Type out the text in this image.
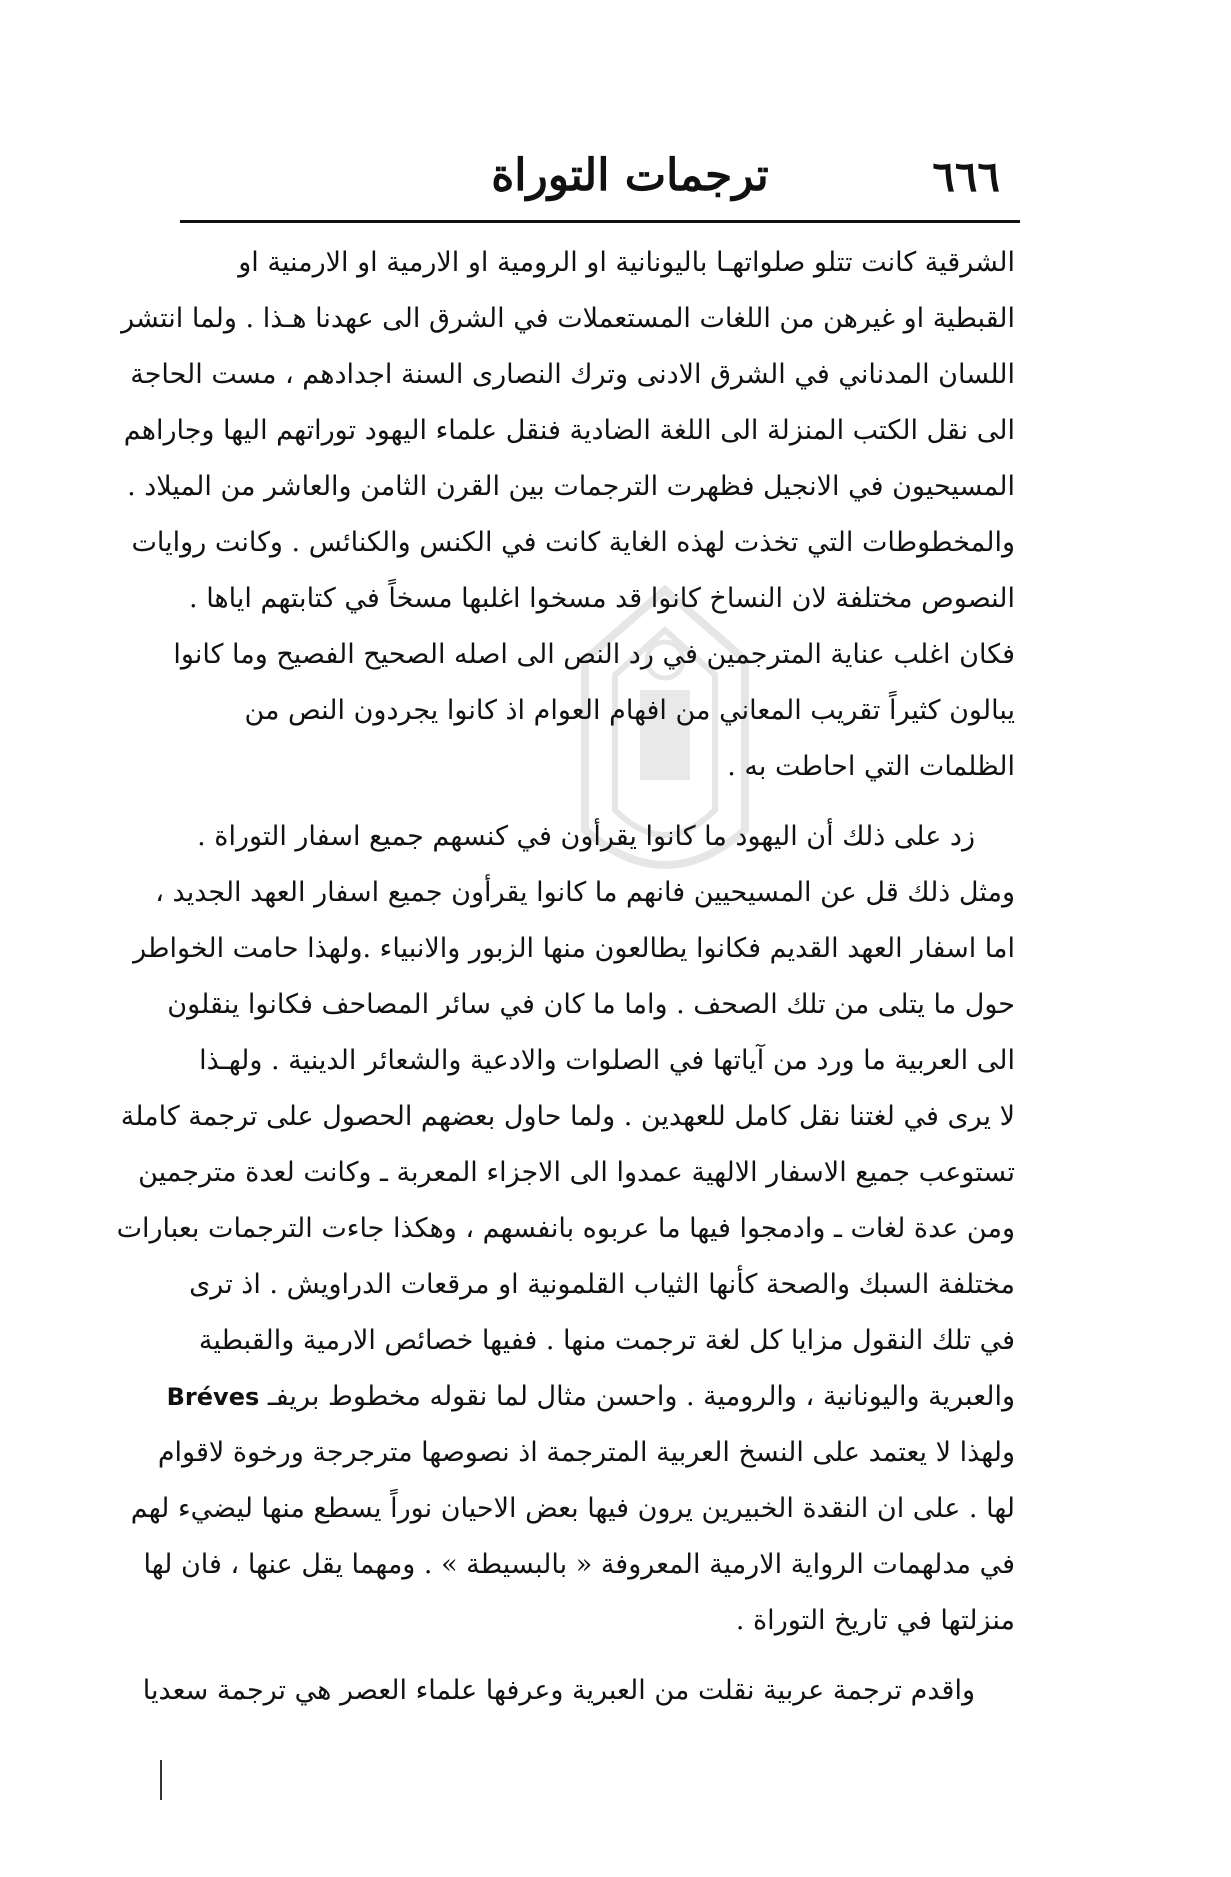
٦٦٦
ترجمات التوراة
الشرقية كانت تتلو صلواتهـا باليونانية او الرومية او الارمية او الارمنية او
القبطية او غيرهن من اللغات المستعملات في الشرق الى عهدنا هـذا . ولما انتشر
اللسان المدناني في الشرق الادنى وترك النصارى السنة اجدادهم ، مست الحاجة
الى نقل الكتب المنزلة الى اللغة الضادية فنقل علماء اليهود توراتهم اليها وجاراهم
المسيحيون في الانجيل فظهرت الترجمات بين القرن الثامن والعاشر من الميلاد .
والمخطوطات التي تخذت لهذه الغاية كانت في الكنس والكنائس . وكانت روايات
النصوص مختلفة لان النساخ كانوا قد مسخوا اغلبها مسخاً في كتابتهم اياها .
فكان اغلب عناية المترجمين في رد النص الى اصله الصحيح الفصيح وما كانوا
يبالون كثيراً تقريب المعاني من افهام العوام اذ كانوا يجردون النص من
الظلمات التي احاطت به .
زد على ذلك أن اليهود ما كانوا يقرأون في كنسهم جميع اسفار التوراة .
ومثل ذلك قل عن المسيحيين فانهم ما كانوا يقرأون جميع اسفار العهد الجديد ،
اما اسفار العهد القديم فكانوا يطالعون منها الزبور والانبياء .ولهذا حامت الخواطر
حول ما يتلى من تلك الصحف . واما ما كان في سائر المصاحف فكانوا ينقلون
الى العربية ما ورد من آياتها في الصلوات والادعية والشعائر الدينية . ولهـذا
لا يرى في لغتنا نقل كامل للعهدين . ولما حاول بعضهم الحصول على ترجمة كاملة
تستوعب جميع الاسفار الالهية عمدوا الى الاجزاء المعربة ـ وكانت لعدة مترجمين
ومن عدة لغات ـ وادمجوا فيها ما عربوه بانفسهم ، وهكذا جاءت الترجمات بعبارات
مختلفة السبك والصحة كأنها الثياب القلمونية او مرقعات الدراويش . اذ ترى
في تلك النقول مزايا كل لغة ترجمت منها . ففيها خصائص الارمية والقبطية
والعبرية واليونانية ، والرومية . واحسن مثال لما نقوله مخطوط بريفـ Bréves
ولهذا لا يعتمد على النسخ العربية المترجمة اذ نصوصها مترجرجة ورخوة لاقوام
لها . على ان النقدة الخبيرين يرون فيها بعض الاحيان نوراً يسطع منها ليضيء لهم
في مدلهمات الرواية الارمية المعروفة « بالبسيطة » . ومهما يقل عنها ، فان لها
منزلتها في تاريخ التوراة .
واقدم ترجمة عربية نقلت من العبرية وعرفها علماء العصر هي ترجمة سعديا
